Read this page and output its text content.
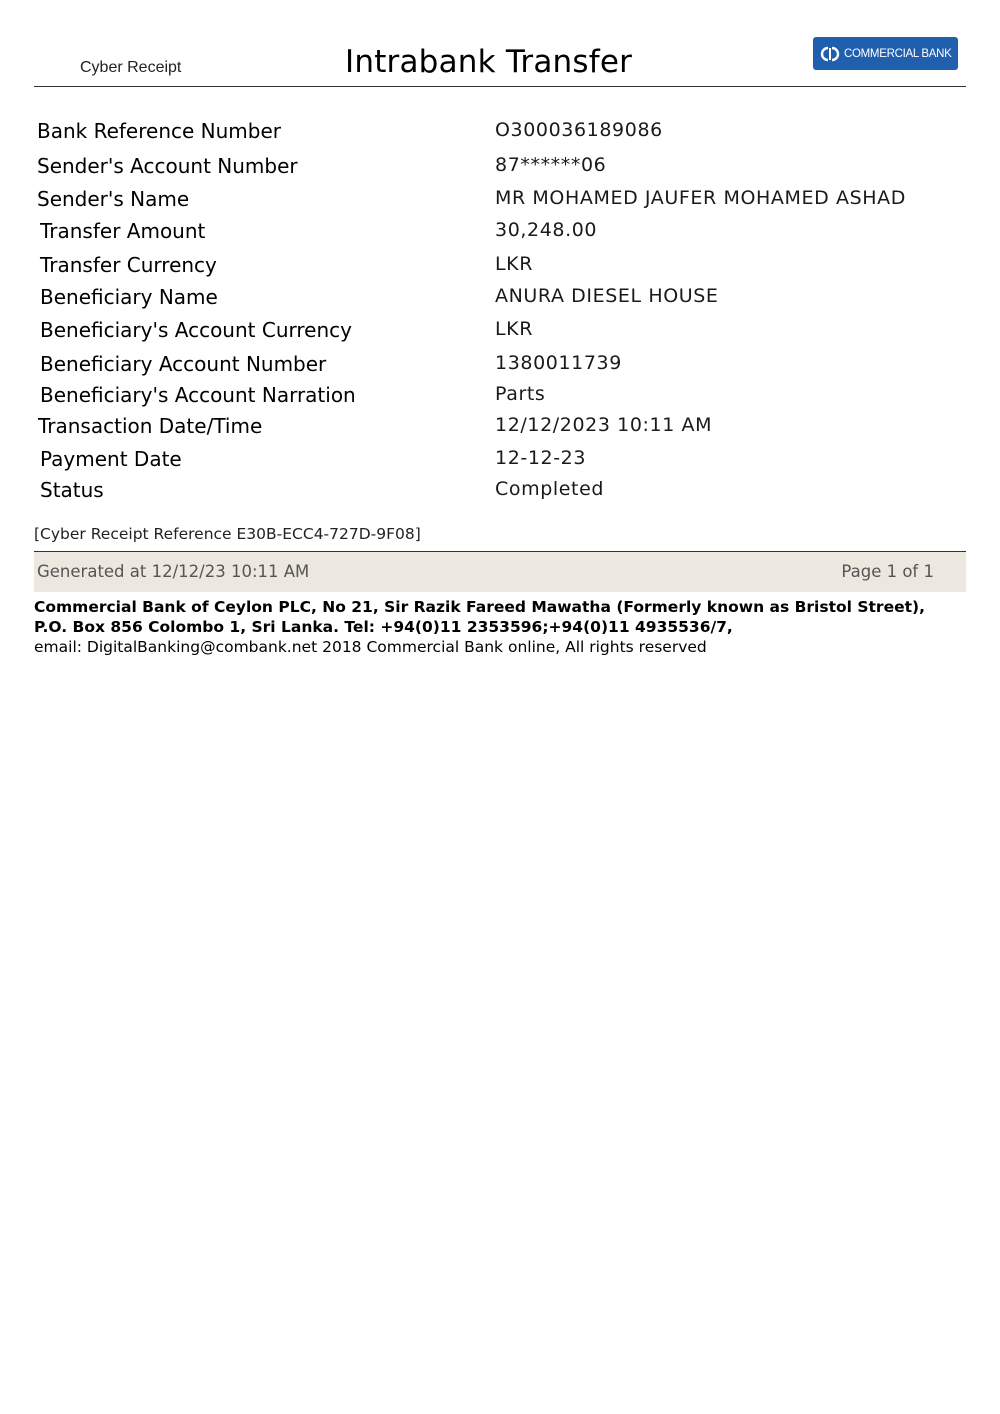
Cyber Receipt	Intrabank Transfer	COMMERCIAL BANK
Bank Reference Number	O300036189086
Sender's Account Number	87******06
Sender's Name	MR MOHAMED JAUFER MOHAMED ASHAD
Transfer Amount	30,248.00
Transfer Currency	LKR
Beneficiary Name	ANURA DIESEL HOUSE
Beneficiary's Account Currency	LKR
Beneficiary Account Number	1380011739
Beneficiary's Account Narration	Parts
Transaction Date/Time	12/12/2023 10:11 AM
Payment Date	12-12-23
Status	Completed
[Cyber Receipt Reference E30B-ECC4-727D-9F08]
Generated at 12/12/23 10:11 AM	Page 1 of 1
Commercial Bank of Ceylon PLC, No 21, Sir Razik Fareed Mawatha (Formerly known as Bristol Street),
P.O. Box 856 Colombo 1, Sri Lanka. Tel: +94(0)11 2353596;+94(0)11 4935536/7,
email: DigitalBanking@combank.net 2018 Commercial Bank online, All rights reserved
